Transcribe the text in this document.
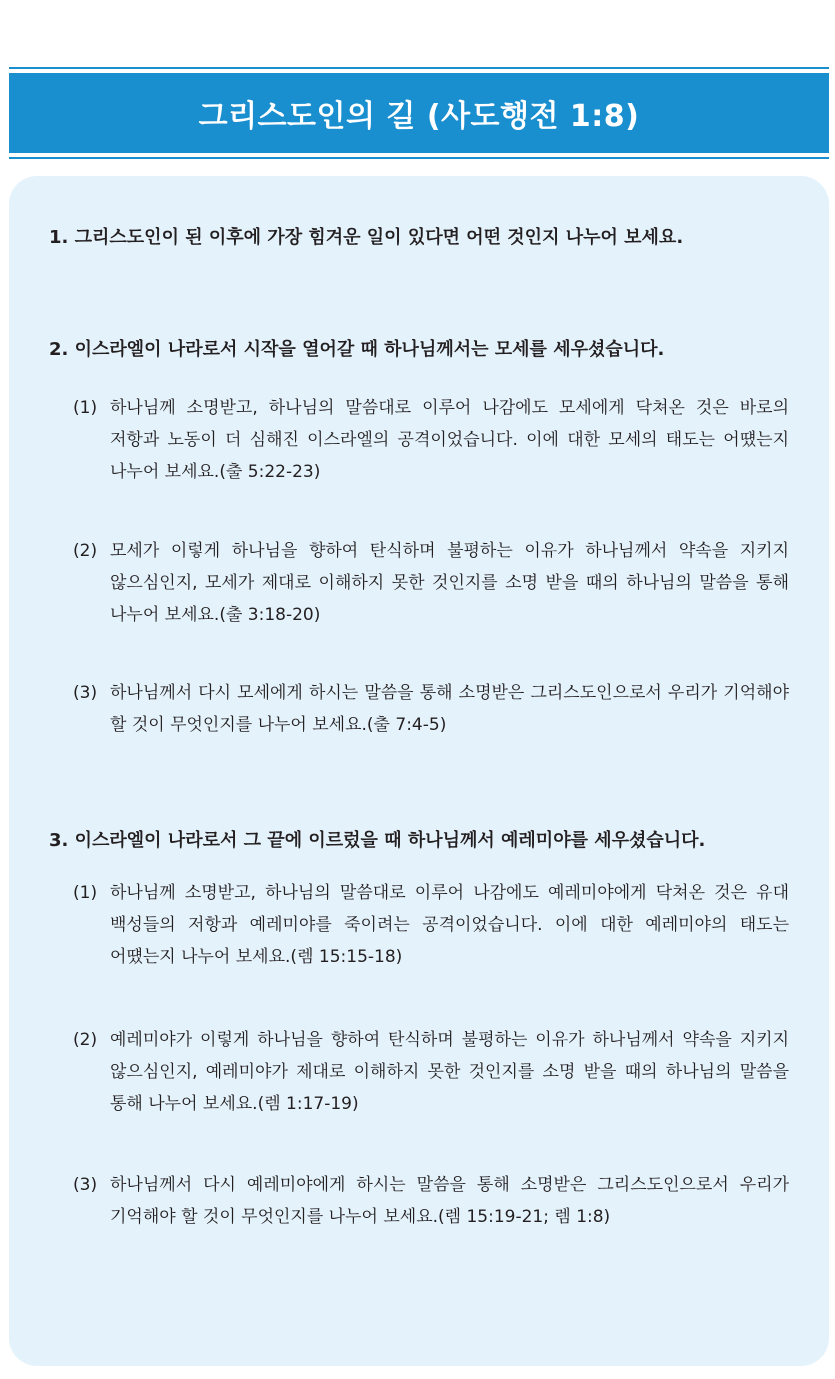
그리스도인의 길 (사도행전 1:8)
1. 그리스도인이 된 이후에 가장 힘겨운 일이 있다면 어떤 것인지 나누어 보세요.
2. 이스라엘이 나라로서 시작을 열어갈 때 하나님께서는 모세를 세우셨습니다.
(1) 하나님께 소명받고, 하나님의 말씀대로 이루어 나감에도 모세에게 닥쳐온 것은 바로의 저항과 노동이 더 심해진 이스라엘의 공격이었습니다. 이에 대한 모세의 태도는 어떘는지 나누어 보세요.(출 5:22-23)
(2) 모세가 이렇게 하나님을 향하여 탄식하며 불평하는 이유가 하나님께서 약속을 지키지 않으심인지, 모세가 제대로 이해하지 못한 것인지를 소명 받을 때의 하나님의 말씀을 통해 나누어 보세요.(출 3:18-20)
(3) 하나님께서 다시 모세에게 하시는 말씀을 통해 소명받은 그리스도인으로서 우리가 기억해야 할 것이 무엇인지를 나누어 보세요.(출 7:4-5)
3. 이스라엘이 나라로서 그 끝에 이르렀을 때 하나님께서 예레미야를 세우셨습니다.
(1) 하나님께 소명받고, 하나님의 말씀대로 이루어 나감에도 예레미야에게 닥쳐온 것은 유대 백성들의 저항과 예레미야를 죽이려는 공격이었습니다. 이에 대한 예레미야의 태도는 어떘는지 나누어 보세요.(렘 15:15-18)
(2) 예레미야가 이렇게 하나님을 향하여 탄식하며 불평하는 이유가 하나님께서 약속을 지키지 않으심인지, 예레미야가 제대로 이해하지 못한 것인지를 소명 받을 때의 하나님의 말씀을 통해 나누어 보세요.(렘 1:17-19)
(3) 하나님께서 다시 예레미야에게 하시는 말씀을 통해 소명받은 그리스도인으로서 우리가 기억해야 할 것이 무엇인지를 나누어 보세요.(렘 15:19-21; 렘 1:8)
